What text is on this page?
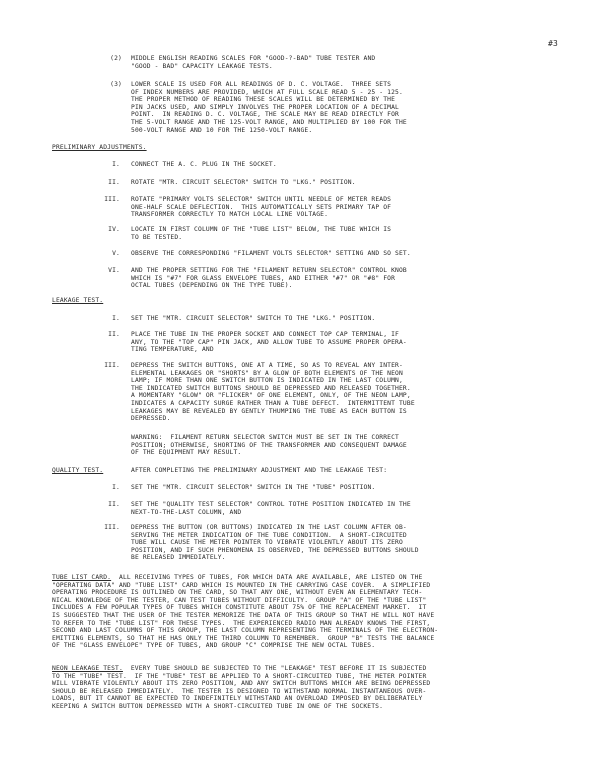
#3
(2) MIDDLE ENGLISH READING SCALES FOR "GOOD-?-BAD" TUBE TESTER AND
"GOOD - BAD" CAPACITY LEAKAGE TESTS.
(3) LOWER SCALE IS USED FOR ALL READINGS OF D. C. VOLTAGE.  THREE SETS
OF INDEX NUMBERS ARE PROVIDED, WHICH AT FULL SCALE READ 5 - 25 - 125.
THE PROPER METHOD OF READING THESE SCALES WILL BE DETERMINED BY THE
PIN JACKS USED, AND SIMPLY INVOLVES THE PROPER LOCATION OF A DECIMAL
POINT.  IN READING D. C. VOLTAGE, THE SCALE MAY BE READ DIRECTLY FOR
THE 5-VOLT RANGE AND THE 125-VOLT RANGE, AND MULTIPLIED BY 100 FOR THE
500-VOLT RANGE AND 10 FOR THE 1250-VOLT RANGE.
PRELIMINARY ADJUSTMENTS.
I. CONNECT THE A. C. PLUG IN THE SOCKET.
II. ROTATE "MTR. CIRCUIT SELECTOR" SWITCH TO "LKG." POSITION.
III. ROTATE "PRIMARY VOLTS SELECTOR" SWITCH UNTIL NEEDLE OF METER READS
ONE-HALF SCALE DEFLECTION.  THIS AUTOMATICALLY SETS PRIMARY TAP OF
TRANSFORMER CORRECTLY TO MATCH LOCAL LINE VOLTAGE.
IV. LOCATE IN FIRST COLUMN OF THE "TUBE LIST" BELOW, THE TUBE WHICH IS
TO BE TESTED.
V. OBSERVE THE CORRESPONDING "FILAMENT VOLTS SELECTOR" SETTING AND SO SET.
VI. AND THE PROPER SETTING FOR THE "FILAMENT RETURN SELECTOR" CONTROL KNOB
WHICH IS "#7" FOR GLASS ENVELOPE TUBES, AND EITHER "#7" OR "#8" FOR
OCTAL TUBES (DEPENDING ON THE TYPE TUBE).
LEAKAGE TEST.
I. SET THE "MTR. CIRCUIT SELECTOR" SWITCH TO THE "LKG." POSITION.
II. PLACE THE TUBE IN THE PROPER SOCKET AND CONNECT TOP CAP TERMINAL, IF
ANY, TO THE "TOP CAP" PIN JACK, AND ALLOW TUBE TO ASSUME PROPER OPERA-
TING TEMPERATURE, AND
III. DEPRESS THE SWITCH BUTTONS, ONE AT A TIME, SO AS TO REVEAL ANY INTER-
ELEMENTAL LEAKAGES OR "SHORTS" BY A GLOW OF BOTH ELEMENTS OF THE NEON
LAMP; IF MORE THAN ONE SWITCH BUTTON IS INDICATED IN THE LAST COLUMN,
THE INDICATED SWITCH BUTTONS SHOULD BE DEPRESSED AND RELEASED TOGETHER.
A MOMENTARY "GLOW" OR "FLICKER" OF ONE ELEMENT, ONLY, OF THE NEON LAMP,
INDICATES A CAPACITY SURGE RATHER THAN A TUBE DEFECT.  INTERMITTENT TUBE
LEAKAGES MAY BE REVEALED BY GENTLY THUMPING THE TUBE AS EACH BUTTON IS
DEPRESSED.
WARNING:  FILAMENT RETURN SELECTOR SWITCH MUST BE SET IN THE CORRECT
POSITION; OTHERWISE, SHORTING OF THE TRANSFORMER AND CONSEQUENT DAMAGE
OF THE EQUIPMENT MAY RESULT.
QUALITY TEST.	AFTER COMPLETING THE PRELIMINARY ADJUSTMENT AND THE LEAKAGE TEST:
I. SET THE "MTR. CIRCUIT SELECTOR" SWITCH IN THE "TUBE" POSITION.
II. SET THE "QUALITY TEST SELECTOR" CONTROL TOTHE POSITION INDICATED IN THE
NEXT-TO-THE-LAST COLUMN, AND
III. DEPRESS THE BUTTON (OR BUTTONS) INDICATED IN THE LAST COLUMN AFTER OB-
SERVING THE METER INDICATION OF THE TUBE CONDITION.  A SHORT-CIRCUITED
TUBE WILL CAUSE THE METER POINTER TO VIBRATE VIOLENTLY ABOUT ITS ZERO
POSITION, AND IF SUCH PHENOMENA IS OBSERVED, THE DEPRESSED BUTTONS SHOULD
BE RELEASED IMMEDIATELY.
TUBE LIST CARD.  ALL RECEIVING TYPES OF TUBES, FOR WHICH DATA ARE AVAILABLE, ARE LISTED ON THE
"OPERATING DATA" AND "TUBE LIST" CARD WHICH IS MOUNTED IN THE CARRYING CASE COVER.  A SIMPLIFIED
OPERATING PROCEDURE IS OUTLINED ON THE CARD, SO THAT ANY ONE, WITHOUT EVEN AN ELEMENTARY TECH-
NICAL KNOWLEDGE OF THE TESTER, CAN TEST TUBES WITHOUT DIFFICULTY.  GROUP "A" OF THE "TUBE LIST"
INCLUDES A FEW POPULAR TYPES OF TUBES WHICH CONSTITUTE ABOUT 75% OF THE REPLACEMENT MARKET.  IT
IS SUGGESTED THAT THE USER OF THE TESTER MEMORIZE THE DATA OF THIS GROUP SO THAT HE WILL NOT HAVE
TO REFER TO THE "TUBE LIST" FOR THESE TYPES.  THE EXPERIENCED RADIO MAN ALREADY KNOWS THE FIRST,
SECOND AND LAST COLUMNS OF THIS GROUP, THE LAST COLUMN REPRESENTING THE TERMINALS OF THE ELECTRON-
EMITTING ELEMENTS, SO THAT HE HAS ONLY THE THIRD COLUMN TO REMEMBER.  GROUP "B" TESTS THE BALANCE
OF THE "GLASS ENVELOPE" TYPE OF TUBES, AND GROUP "C" COMPRISE THE NEW OCTAL TUBES.
NEON LEAKAGE TEST.  EVERY TUBE SHOULD BE SUBJECTED TO THE "LEAKAGE" TEST BEFORE IT IS SUBJECTED
TO THE "TUBE" TEST.  IF THE "TUBE" TEST BE APPLIED TO A SHORT-CIRCUITED TUBE, THE METER POINTER
WILL VIBRATE VIOLENTLY ABOUT ITS ZERO POSITION, AND ANY SWITCH BUTTONS WHICH ARE BEING DEPRESSED
SHOULD BE RELEASED IMMEDIATELY.  THE TESTER IS DESIGNED TO WITHSTAND NORMAL INSTANTANEOUS OVER-
LOADS, BUT IT CANNOT BE EXPECTED TO INDEFINITELY WITHSTAND AN OVERLOAD IMPOSED BY DELIBERATELY
KEEPING A SWITCH BUTTON DEPRESSED WITH A SHORT-CIRCUITED TUBE IN ONE OF THE SOCKETS.
